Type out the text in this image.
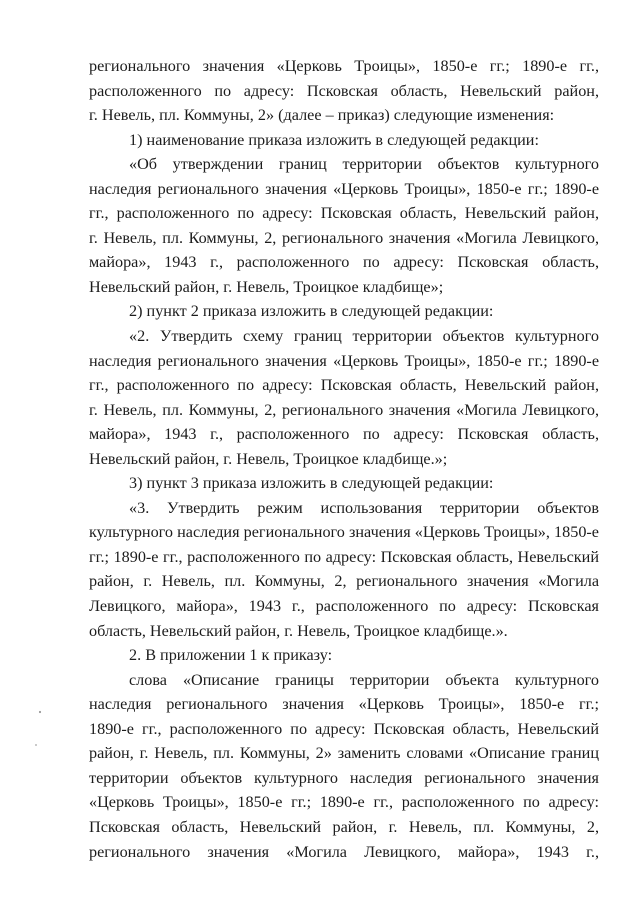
регионального значения «Церковь Троицы», 1850-е гг.; 1890-е гг.,
расположенного по адресу: Псковская область, Невельский район,
г. Невель, пл. Коммуны, 2» (далее – приказ) следующие изменения:
1) наименование приказа изложить в следующей редакции:
«Об утверждении границ территории объектов культурного
наследия регионального значения «Церковь Троицы», 1850-е гг.; 1890-е
гг., расположенного по адресу: Псковская область, Невельский район,
г. Невель, пл. Коммуны, 2, регионального значения «Могила Левицкого,
майора», 1943 г., расположенного по адресу: Псковская область,
Невельский район, г. Невель, Троицкое кладбище»;
2) пункт 2 приказа изложить в следующей редакции:
«2. Утвердить схему границ территории объектов культурного
наследия регионального значения «Церковь Троицы», 1850-е гг.; 1890-е
гг., расположенного по адресу: Псковская область, Невельский район,
г. Невель, пл. Коммуны, 2, регионального значения «Могила Левицкого,
майора», 1943 г., расположенного по адресу: Псковская область,
Невельский район, г. Невель, Троицкое кладбище.»;
3) пункт 3 приказа изложить в следующей редакции:
«3. Утвердить режим использования территории объектов
культурного наследия регионального значения «Церковь Троицы», 1850-е
гг.; 1890-е гг., расположенного по адресу: Псковская область, Невельский
район, г. Невель, пл. Коммуны, 2, регионального значения «Могила
Левицкого, майора», 1943 г., расположенного по адресу: Псковская
область, Невельский район, г. Невель, Троицкое кладбище.».
2. В приложении 1 к приказу:
слова «Описание границы территории объекта культурного
наследия регионального значения «Церковь Троицы», 1850-е гг.;
1890-е гг., расположенного по адресу: Псковская область, Невельский
район, г. Невель, пл. Коммуны, 2» заменить словами «Описание границ
территории объектов культурного наследия регионального значения
«Церковь Троицы», 1850-е гг.; 1890-е гг., расположенного по адресу:
Псковская область, Невельский район, г. Невель, пл. Коммуны, 2,
регионального значения «Могила Левицкого, майора», 1943 г.,
